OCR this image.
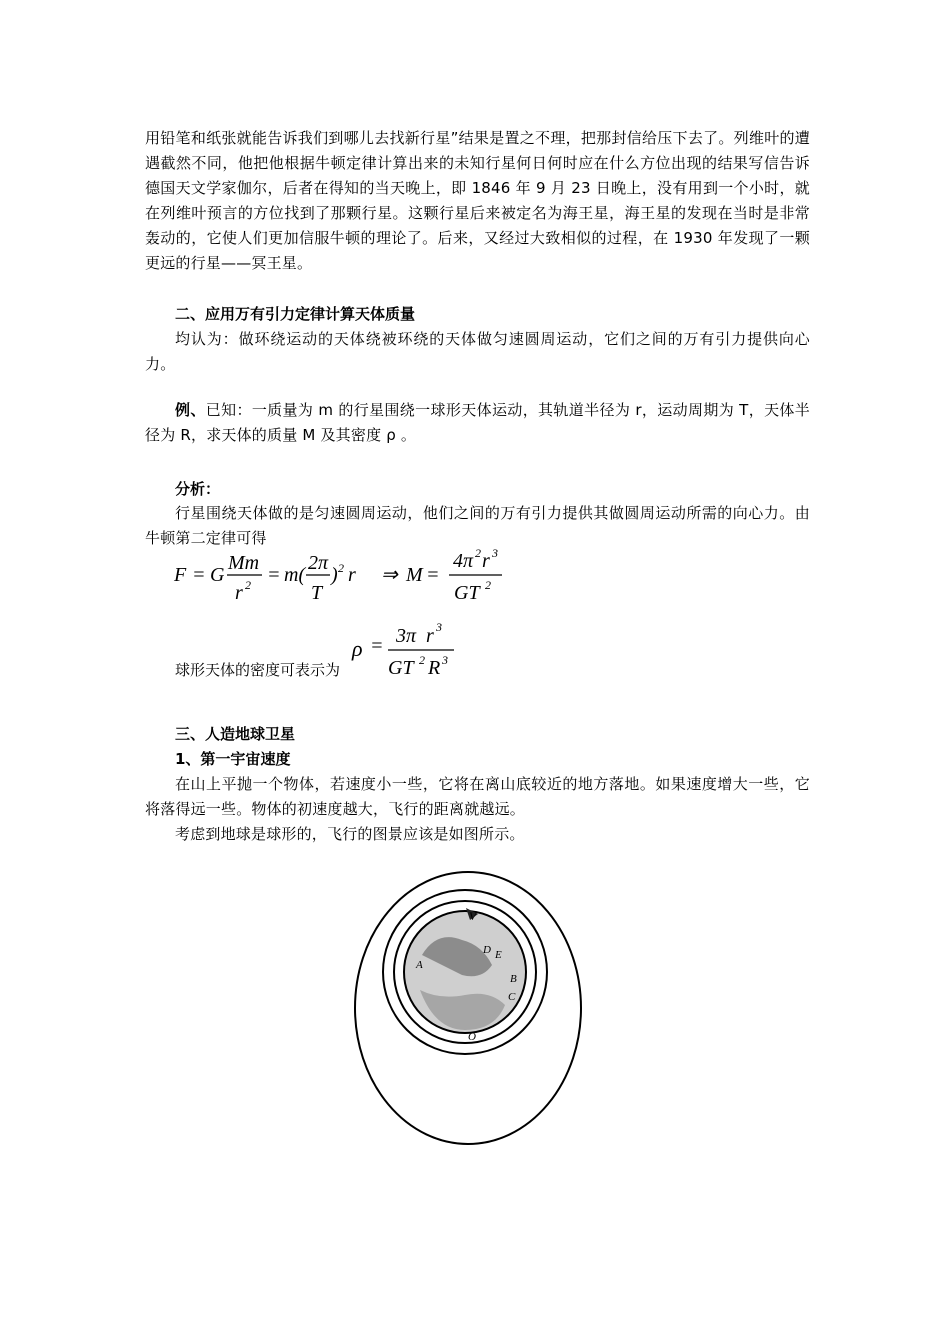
用铅笔和纸张就能告诉我们到哪儿去找新行星”结果是置之不理，把那封信给压下去了。列维叶的遭遇截然不同，他把他根据牛顿定律计算出来的未知行星何日何时应在什么方位出现的结果写信告诉德国天文学家伽尔，后者在得知的当天晚上，即 1846 年 9 月 23 日晚上，没有用到一个小时，就在列维叶预言的方位找到了那颗行星。这颗行星后来被定名为海王星，海王星的发现在当时是非常轰动的，它使人们更加信服牛顿的理论了。后来，又经过大致相似的过程，在 1930 年发现了一颗更远的行星——冥王星。

二、应用万有引力定律计算天体质量

均认为：做环绕运动的天体绕被环绕的天体做匀速圆周运动，它们之间的万有引力提供向心力。

例、已知：一质量为 m 的行星围绕一球形天体运动，其轨道半径为 r，运动周期为 T，天体半径为 R，求天体的质量 M 及其密度 ρ 。

分析：

行星围绕天体做的是匀速圆周运动，他们之间的万有引力提供其做圆周运动所需的向心力。由牛顿第二定律可得

F = G
Mm
r 2 = m(
2π
T
) 2 r ⇒ M =
4π 2 r 3
GT 2
球形天体的密度可表示为
ρ = 3π r 3
GT 2 R 3
三、人造地球卫星
1、第一宇宙速度

在山上平抛一个物体，若速度小一些，它将在离山底较近的地方落地。如果速度增大一些，它将落得远一些。物体的初速度越大，飞行的距离就越远。

考虑到地球是球形的，飞行的图景应该是如图所示。

V
D E
A
B
C
O
